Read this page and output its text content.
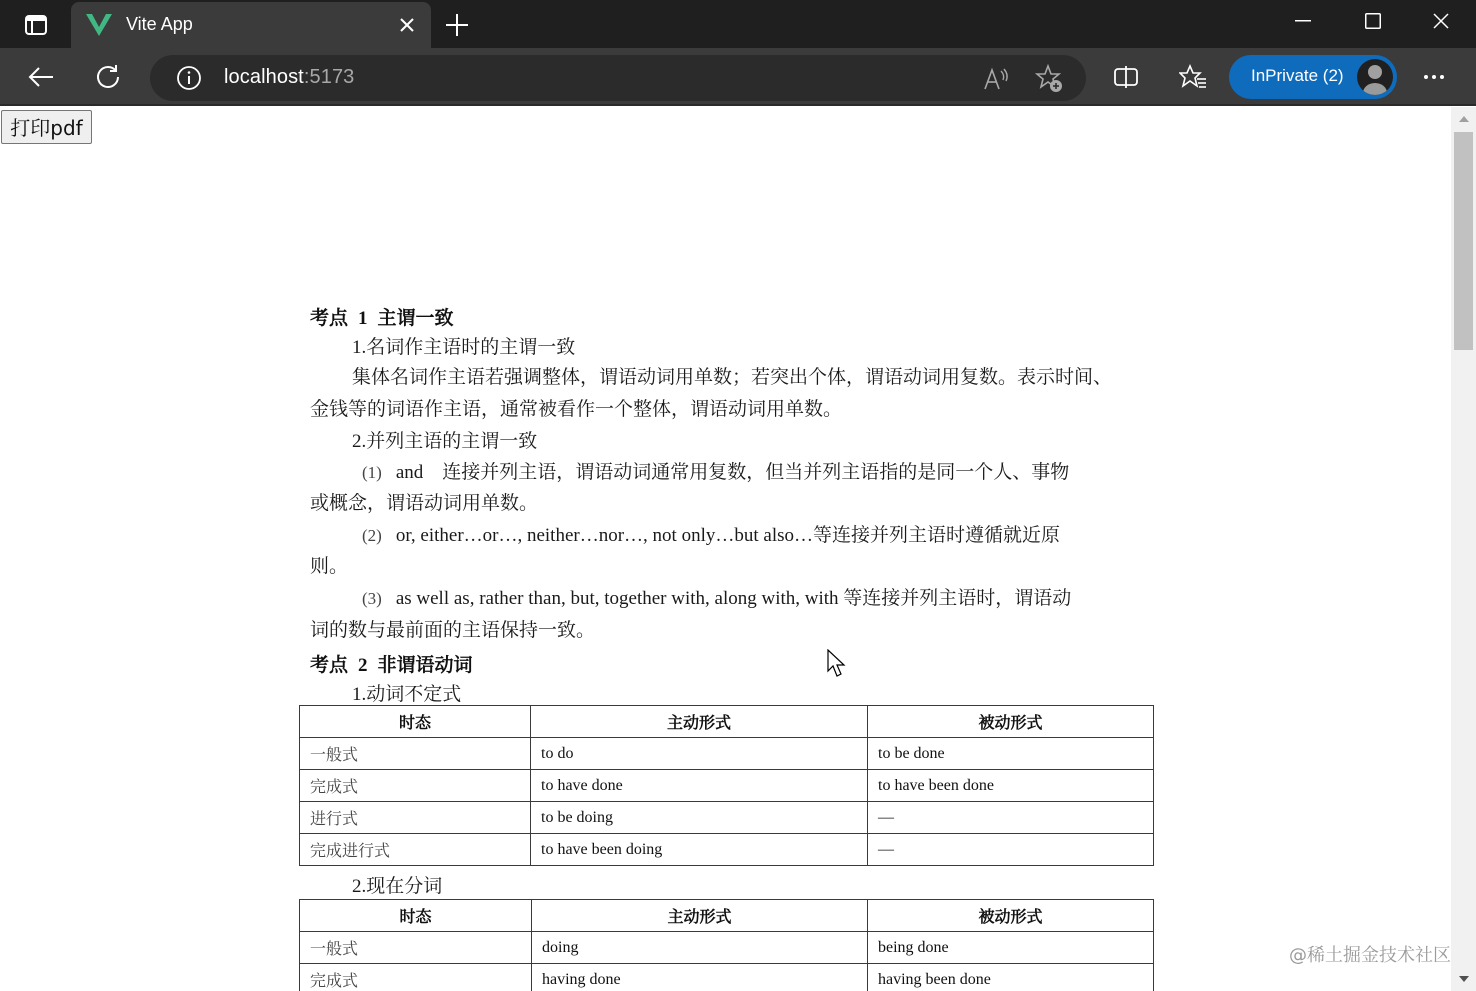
Vite App
localhost:5173	InPrivate (2)
打印pdf
考点 1 主谓一致
1.名词作主语时的主谓一致
集体名词作主语若强调整体，谓语动词用单数；若突出个体，谓语动词用复数。表示时间、
金钱等的词语作主语，通常被看作一个整体，谓语动词用单数。
2.并列主语的主谓一致
(1) and　连接并列主语，谓语动词通常用复数，但当并列主语指的是同一个人、事物
或概念，谓语动词用单数。
(2) or, either…or…, neither…nor…, not only…but also…等连接并列主语时遵循就近原
则。
(3) as well as, rather than, but, together with, along with, with 等连接并列主语时，谓语动
词的数与最前面的主语保持一致。
考点 2 非谓语动词
1.动词不定式
时态	主动形式	被动形式
一般式	to do	to be done
完成式	to have done	to have been done
进行式	to be doing	—
完成进行式	to have been doing	—
2.现在分词
时态	主动形式	被动形式
一般式	doing	being done
完成式	having done	having been done
@稀土掘金技术社区
